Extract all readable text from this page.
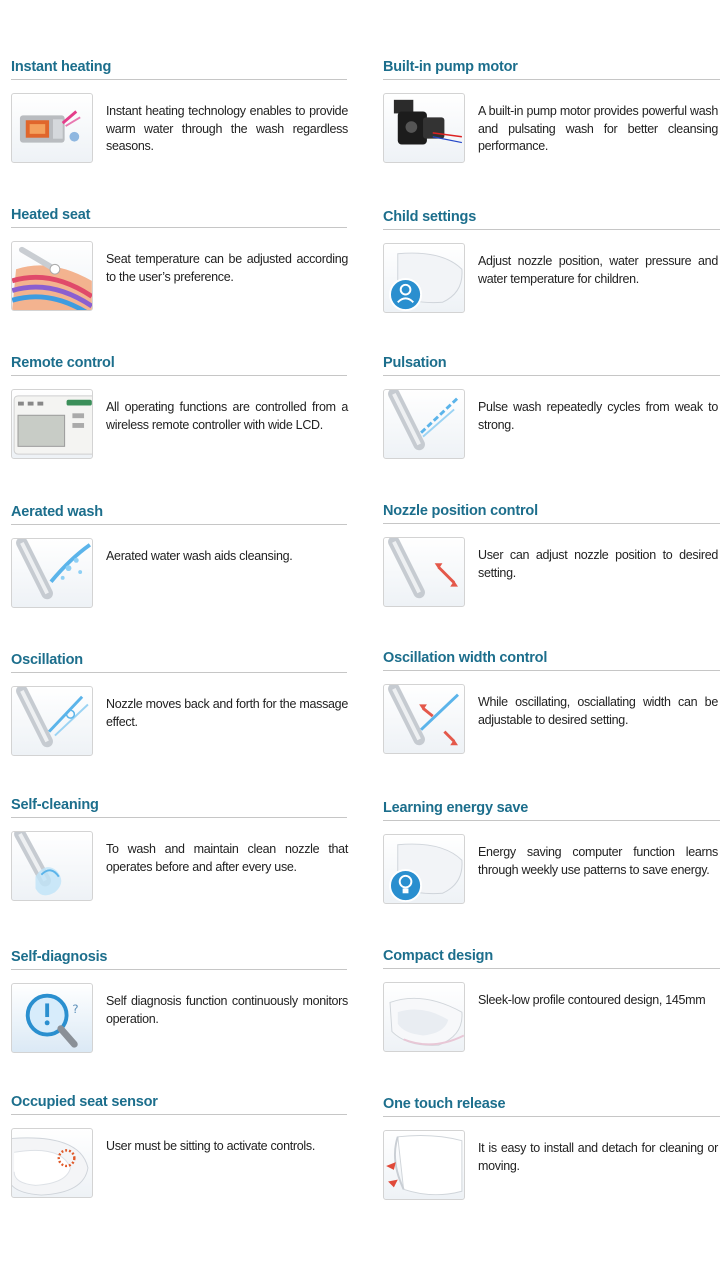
Instant heating
Instant heating technology enables to provide warm water through the wash regardless seasons.
Built-in pump motor
A built-in pump motor provides powerful wash and pulsating wash for better cleansing performance.
Heated seat
Seat temperature can be adjusted according to the user’s preference.
Child settings
Adjust nozzle position, water pressure and water temperature for children.
Remote control
All operating functions are controlled from a wireless remote controller with wide LCD.
Pulsation
Pulse wash repeatedly cycles from weak to strong.
Aerated wash
Aerated water wash aids cleansing.
Nozzle position control
User can adjust nozzle position to desired setting.
Oscillation
Nozzle moves back and forth for the massage effect.
Oscillation width control
While oscillating, osciallating width can be adjustable to desired setting.
Self-cleaning
To wash and maintain clean nozzle that operates before and after every use.
Learning energy save
Energy saving computer function learns through weekly use patterns to save energy.
Self-diagnosis
?
Self diagnosis function continuously monitors operation.
Compact design
Sleek-low profile contoured design, 145mm
Occupied seat sensor
User must be sitting to activate controls.
One touch release
It is easy to install and detach for cleaning or moving.
